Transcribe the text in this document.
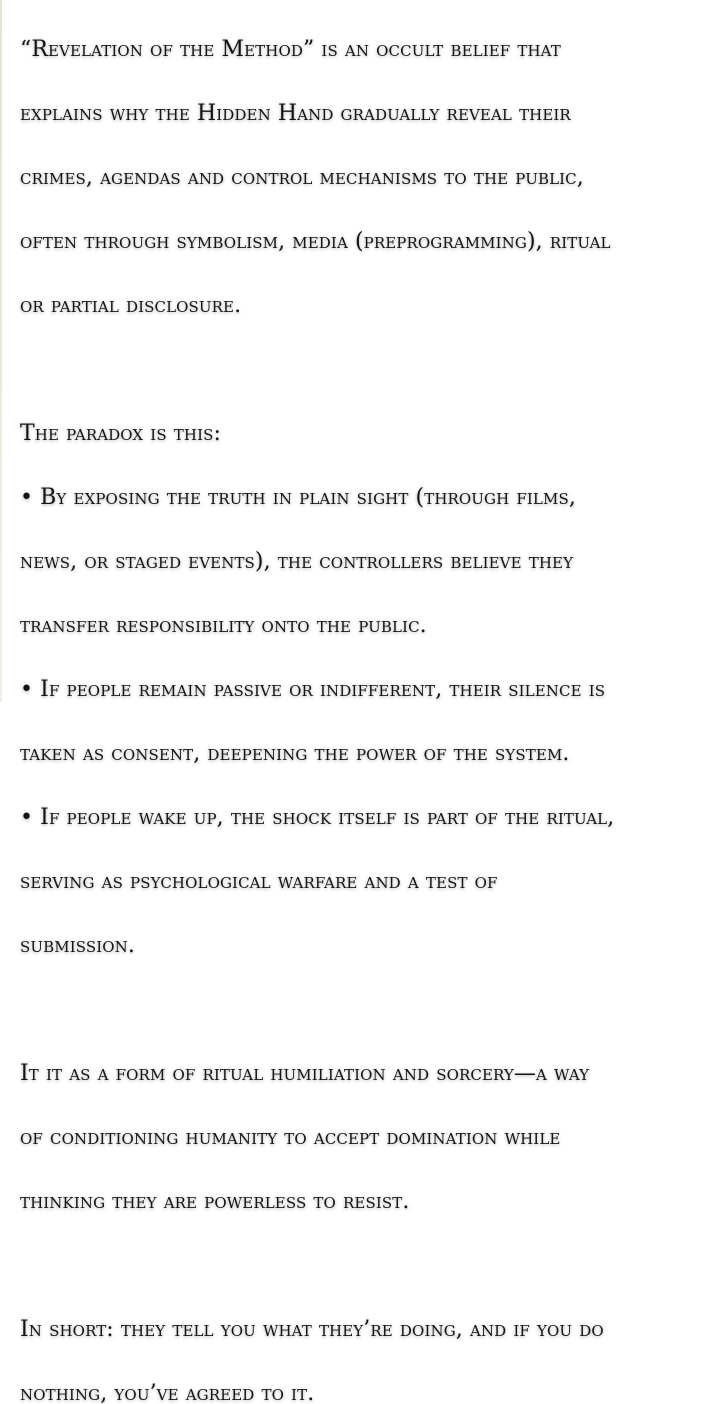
“Revelation of the Method” is an occult belief that

explains why the Hidden Hand gradually reveal their

crimes, agendas and control mechanisms to the public,

often through symbolism, media (preprogramming), ritual

or partial disclosure.

The paradox is this:

• By exposing the truth in plain sight (through films,

news, or staged events), the controllers believe they

transfer responsibility onto the public.

• If people remain passive or indifferent, their silence is

taken as consent, deepening the power of the system.

• If people wake up, the shock itself is part of the ritual,

serving as psychological warfare and a test of

submission.

It it as a form of ritual humiliation and sorcery—a way

of conditioning humanity to accept domination while

thinking they are powerless to resist.

In short: they tell you what they’re doing, and if you do

nothing, you’ve agreed to it.
